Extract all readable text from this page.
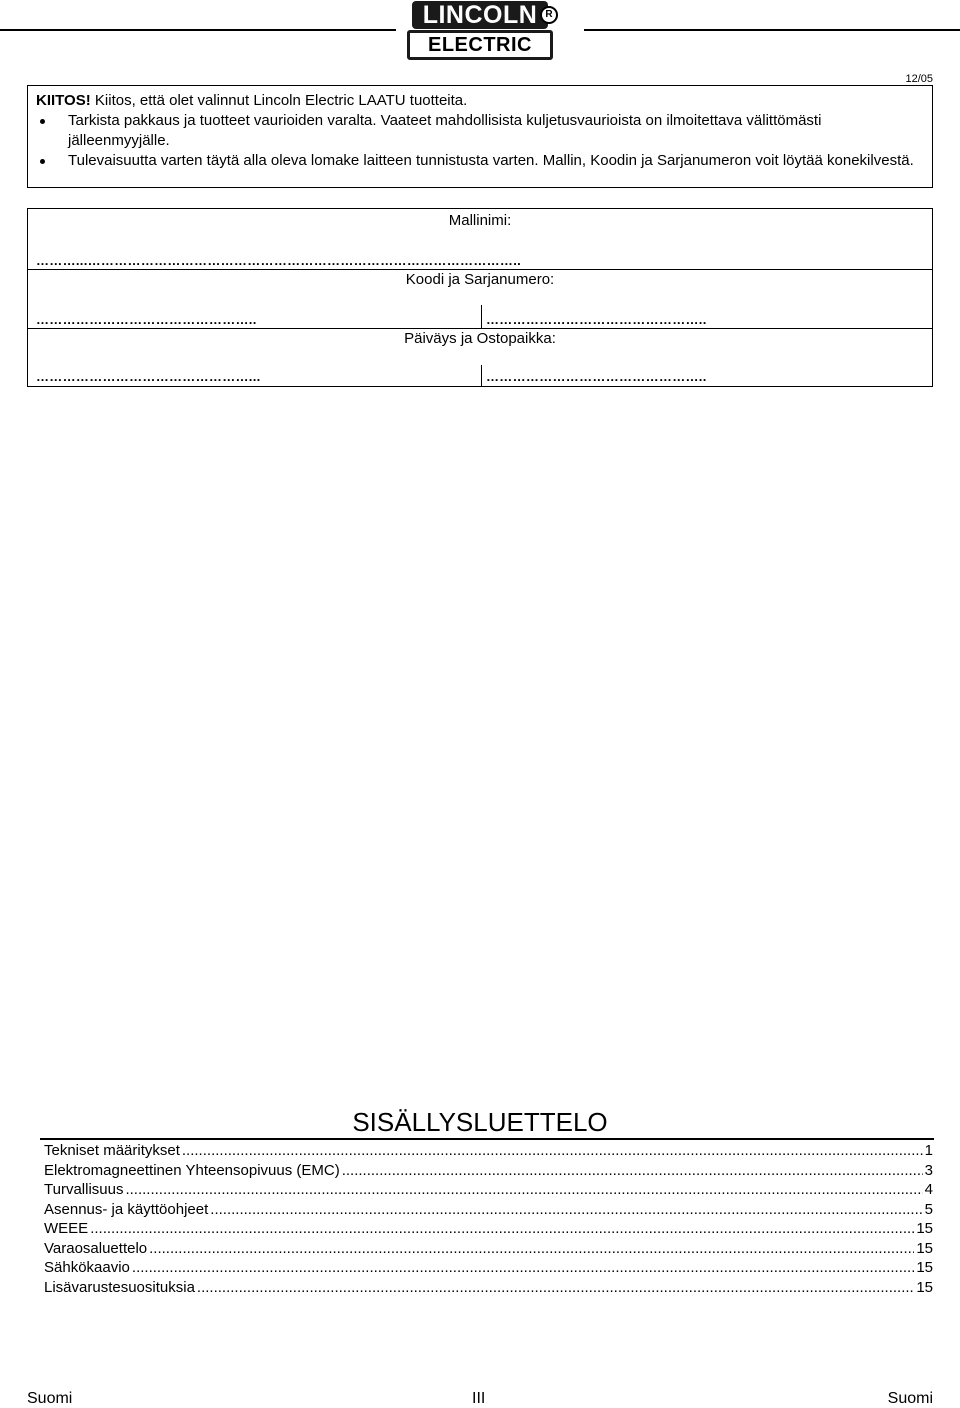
LINCOLN R
ELECTRIC
12/05

KIITOS! Kiitos, että olet valinnut Lincoln Electric LAATU tuotteita.

Tarkista pakkaus ja tuotteet vaurioiden varalta. Vaateet mahdollisista kuljetusvaurioista on ilmoitettava välittömästi jälleenmyyjälle.
Tulevaisuutta varten täytä alla oleva lomake laitteen tunnistusta varten. Mallin, Koodin ja Sarjanumeron voit löytää konekilvestä.
Mallinimi:
………...……………………………………………………………………………………..
Koodi ja Sarjanumero:
…………………………………………..	…………………………………………..
Päiväys ja Ostopaikka:
…………………………………………...	…………………………………………..
SISÄLLYSLUETTELO
Tekniset määritykset .....	1
Elektromagneettinen Yhteensopivuus (EMC) .....	3
Turvallisuus .....	4
Asennus- ja käyttöohjeet .....	5
WEEE .....	15
Varaosaluettelo .....	15
Sähkökaavio .....	15
Lisävarustesuosituksia .....	15
Suomi	III	Suomi
